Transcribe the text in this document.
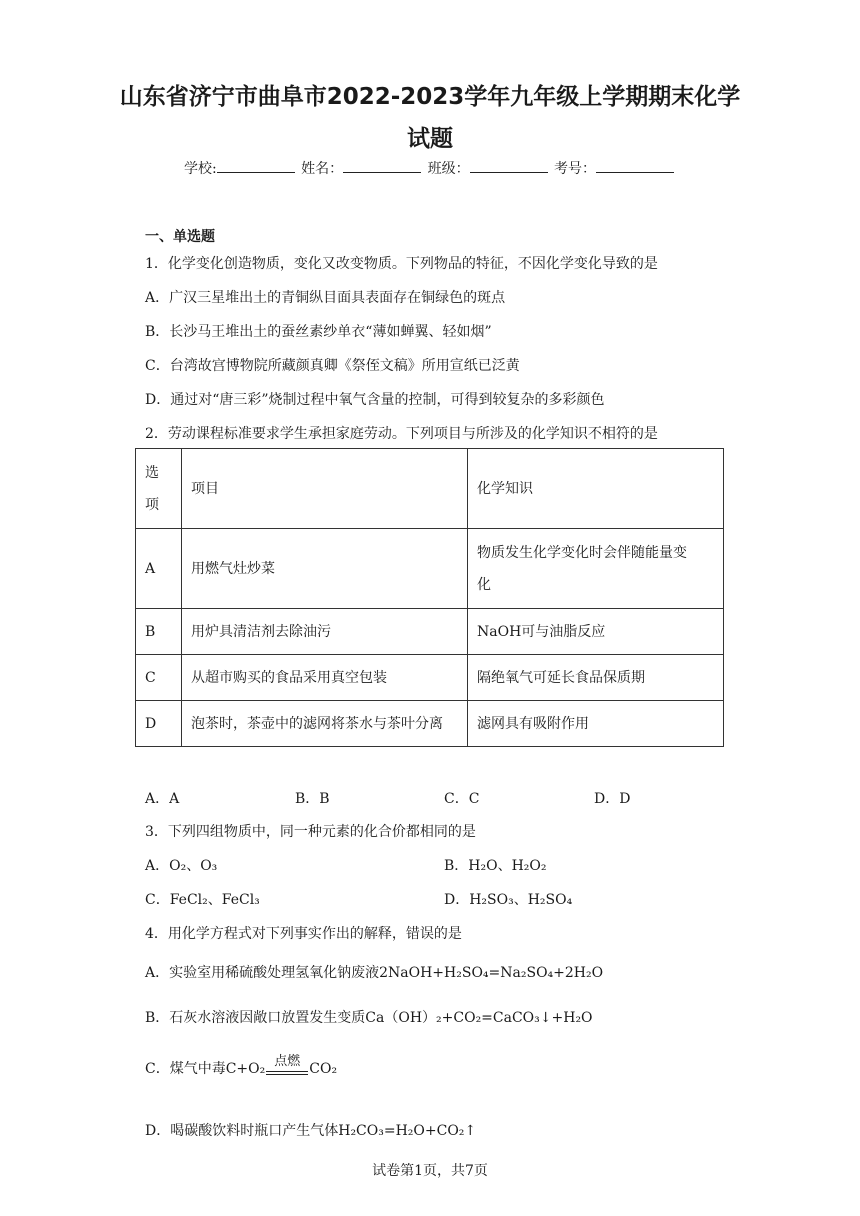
山东省济宁市曲阜市2022-2023学年九年级上学期期末化学
试题
学校:	姓名：	班级：	考号：
一、单选题
1．化学变化创造物质，变化又改变物质。下列物品的特征，不因化学变化导致的是
A．广汉三星堆出土的青铜纵目面具表面存在铜绿色的斑点
B．长沙马王堆出土的蚕丝素纱单衣“薄如蝉翼、轻如烟”
C．台湾故宫博物院所藏颜真卿《祭侄文稿》所用宣纸已泛黄
D．通过对“唐三彩”烧制过程中氧气含量的控制，可得到较复杂的多彩颜色
2．劳动课程标准要求学生承担家庭劳动。下列项目与所涉及的化学知识不相符的是
选
项	项目	化学知识
A	用燃气灶炒菜	物质发生化学变化时会伴随能量变
化

B	用炉具清洁剂去除油污	NaOH可与油脂反应
C	从超市购买的食品采用真空包装	隔绝氧气可延长食品保质期
D	泡茶时，茶壶中的滤网将茶水与茶叶分离	滤网具有吸附作用
A．A	B．B	C．C	D．D
3．下列四组物质中，同一种元素的化合价都相同的是
A．O₂、O₃	B．H₂O、H₂O₂
C．FeCl₂、FeCl₃	D．H₂SO₃、H₂SO₄
4．用化学方程式对下列事实作出的解释，错误的是
A．实验室用稀硫酸处理氢氧化钠废液2NaOH+H₂SO₄=Na₂SO₄+2H₂O
B．石灰水溶液因敞口放置发生变质Ca（OH）₂+CO₂=CaCO₃↓+H₂O
C．煤气中毒C+O₂ 点燃 CO₂
D．喝碳酸饮料时瓶口产生气体H₂CO₃=H₂O+CO₂↑
试卷第1页，共7页
